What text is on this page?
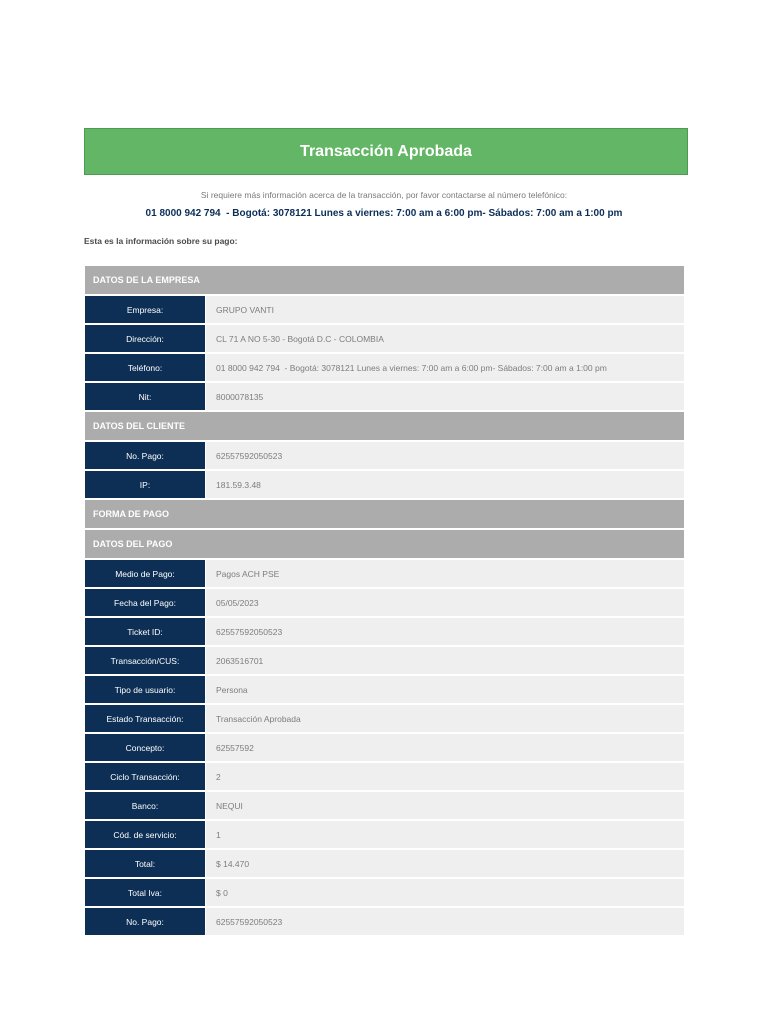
Transacción Aprobada
Si requiere más información acerca de la transacción, por favor contactarse al número telefónico:
01 8000 942 794  - Bogotá: 3078121 Lunes a viernes: 7:00 am a 6:00 pm- Sábados: 7:00 am a 1:00 pm
Esta es la información sobre su pago:
DATOS DE LA EMPRESA
Empresa:	GRUPO VANTI
Dirección:	CL 71 A NO 5-30 - Bogotá D.C - COLOMBIA
Teléfono:	01 8000 942 794  - Bogotá: 3078121 Lunes a viernes: 7:00 am a 6:00 pm- Sábados: 7:00 am a 1:00 pm
Nit:	8000078135
DATOS DEL CLIENTE
No. Pago:	62557592050523
IP:	181.59.3.48
FORMA DE PAGO
DATOS DEL PAGO
Medio de Pago:	Pagos ACH PSE
Fecha del Pago:	05/05/2023
Ticket ID:	62557592050523
Transacción/CUS:	2063516701
Tipo de usuario:	Persona
Estado Transacción:	Transacción Aprobada
Concepto:	62557592
Ciclo Transacción:	2
Banco:	NEQUI
Cód. de servicio:	1
Total:	$ 14.470
Total Iva:	$ 0
No. Pago:	62557592050523
